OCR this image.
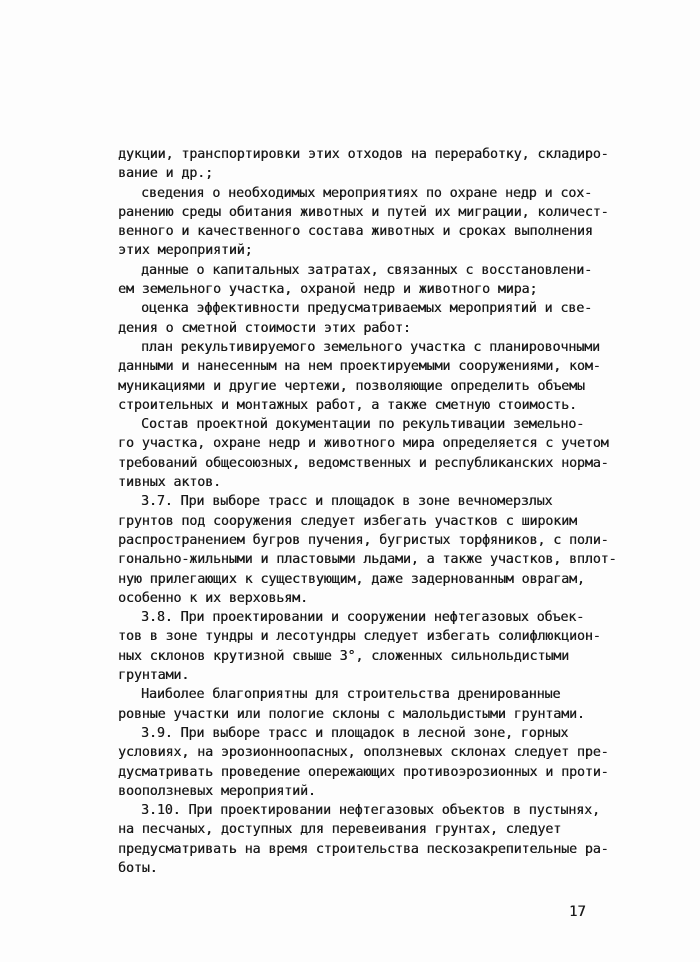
дукции, транспортировки этих отходов на переработку, складиро-
вание и др.;
сведения о необходимых мероприятиях по охране недр и сох-
ранению среды обитания животных и путей их миграции, количест-
венного и качественного состава животных и сроках выполнения
этих мероприятий;
данные о капитальных затратах, связанных с восстановлени-
ем земельного участка, охраной недр и животного мира;
оценка эффективности предусматриваемых мероприятий и све-
дения о сметной стоимости этих работ:
план рекультивируемого земельного участка с планировочными
данными и нанесенным на нем проектируемыми сооружениями, ком-
муникациями и другие чертежи, позволяющие определить объемы
строительных и монтажных работ, а также сметную стоимость.
Состав проектной документации по рекультивации земельно-
го участка, охране недр и животного мира определяется с учетом
требований общесоюзных, ведомственных и республиканских норма-
тивных актов.
3.7. При выборе трасс и площадок в зоне вечномерзлых
грунтов под сооружения следует избегать участков с широким
распространением бугров пучения, бугристых торфяников, с поли-
гонально-жильными и пластовыми льдами, а также участков, вплот-
ную прилегающих к существующим, даже задернованным оврагам,
особенно к их верховьям.
3.8. При проектировании и сооружении нефтегазовых объек-
тов в зоне тундры и лесотундры следует избегать солифлюкцион-
ных склонов крутизной свыше 3°, сложенных сильнольдистыми
грунтами.
Наиболее благоприятны для строительства дренированные
ровные участки или пологие склоны с малольдистыми грунтами.
3.9. При выборе трасс и площадок в лесной зоне, горных
условиях, на эрозионноопасных, оползневых склонах следует пре-
дусматривать проведение опережающих противоэрозионных и проти-
вооползневых мероприятий.
3.10. При проектировании нефтегазовых объектов в пустынях,
на песчаных, доступных для перевеивания грунтах, следует
предусматривать на время строительства пескозакрепительные ра-
боты.
17
